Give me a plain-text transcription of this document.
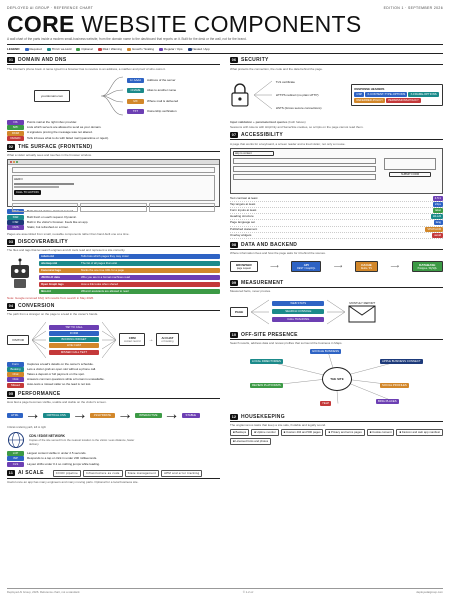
DEPLOYED AI GROUP · REFERENCE CHART	EDITION 1 · SEPTEMBER 2026
CORE WEBSITE COMPONENTS
A wall chart of the parts inside a modern small-business website, from the domain name to the dashboard that reports on it. Built for the desk or the wall, not for the brand.
LEGEND	Required	Third / as-Hold	Optional	Risk / Warning	Growth / Scaling	Regular / Ops	Nested / App
01 DOMAIN AND DNS
The internet's phone book. A name typed in a browser has to resolve to an address, a mailbox and proof of who owns it.
yourdomain.com
A / AAAA	Address of the server
CNAME	Alias to another name
MX	Where mail is delivered
TXT	Ownership verification
NS	Points mail at the right inbox provider.
SPF	Lists which servers are allowed to send as your domain.
DKIM	A signature proving the message was not altered.
DMARC	Tells inboxes what to do with failed mail (quarantine or reject).
02 THE SURFACE (FRONTEND)
What a visitor actually sees and touches in the browser window.
HERO
CALL TO ACTION
HTML	Built ahead of time. Fastest to load.
SSR	Built fresh on each request. Dynamic.
CSR	Built in the visitor's browser. Feels like an app.
CMS	Static, but refreshed on a timer.
Pages are assembled from small, reusable components rather than hand-built one at a time.
03 DISCOVERABILITY
The files and tags that let search engines and AI tools read and represent a site correctly.
robots.txt	Tells bots which pages they may crawl
sitemap.xml	The list of all pages that exist
Canonical tags	Marks the one true URL for a page
JSON-LD data	Who you are in a format machines read
Open Graph tags	How a link looks when shared
llms.txt	What AI assistants are allowed to read
Note: Google removed FAQ rich results from search in May 2026.
04 CONVERSION
The path from a stranger on the page to a lead in the owner's hands.
VISITOR
TAP TO CALL
FORM
BOOKING WIDGET
LIVE CHAT
MISSED CALL TEXT
CRM
contact record →	AI CHAT
or booking
Form	Captures a lead's details on the owner's schedule.
Booking	Lets a visitor grab an open slot without a phone call.
Chat	Takes a deposit or full payment on the spot.
Click	Answers common questions while a human is unavailable.
Missed	Auto-texts a missed caller so the lead is not lost.
05 PERFORMANCE
How fast a page becomes visible, usable and stable on the visitor's screen.
HTML →	CRITICAL CSS →	JS/HYDRATE →	INTERACTIVE →	STABLE
Critical rendering path, left to right
CDN / EDGE NETWORK
Copies of the site served from the nearest location to the visitor. Less distance, faster delivery.
LCP	Largest content visible in under 2.5 seconds.
INP	Responds to a tap or click in under 200 milliseconds.
CLS	Layout shifts under 0.1 so nothing jumps while loading.
11 AI SCALE	CI/CD pipeline	Infrastructure as code	State management	APM and error tracking
Useful once an app has many engineers and many moving parts. Optional for a local business site.
06 SECURITY
What protects the connection, the code and the data behind the page.
TLS certificate
HTTPS redirect (no plain HTTP)
HSTS (forces secure connections)
RESPONSE HEADERS
CSP	X-CONTENT-TYPE-OPTIONS	X-FRAME-OPTIONS
REFERRER-POLICY	PERMISSIONS-POLICY
Input validation + parameterized queries (both halves)
Sessions with tokens with HttpOnly and SameSite cookies, so scripts on the page cannot read them.
07 ACCESSIBILITY
A page that works for a keyboard, a screen reader and a tired visitor, not only a mouse.
skip to content
SUBMIT FORM
Text contrast at least	4.5:1
Tap targets at least	24px
Form inputs at least	label
Heading structure	H1-H3
Page language set	lang
Published statement	VPAT/ACR
Overlay widgets	avoid
08 DATA AND BACKEND
Where information lives and how the page asks for it behind the scenes.
BROWSER
page request	⟶	API
REST / GraphQL	⟶	CACHE
Redis / KV	⟶	DATABASE
Postgres / MySQL
09 MEASUREMENT
Measured facts, never proxies.
PAGE
WEB STATS
SEARCH CONSOLE
CALL TRACKING
MONTHLY REPORT
10 OFF-SITE PRESENCE
Search results, address data and review profiles that surround the business in Maps.
THE SITE
GOOGLE BUSINESS
LOCAL DIRECTORIES	APPLE BUSINESS CONNECT
REVIEW PLATFORMS
YELP
SOCIAL PROFILES
BING PLACES
12 HOUSEKEEPING
The unglamorous tasks that keep a site safe, findable and legally sound.
■ Backups	■ Uptime monitor	■ Custom 404 and 500 pages	■ Privacy and terms pages	■ Cookie consent	■ Favicon and web app manifest
■ Licensed fonts and photos
Deployed AI Group, 2026. Reference chart, not a standard.	© 1-2 oz	deployedaigroup.com
